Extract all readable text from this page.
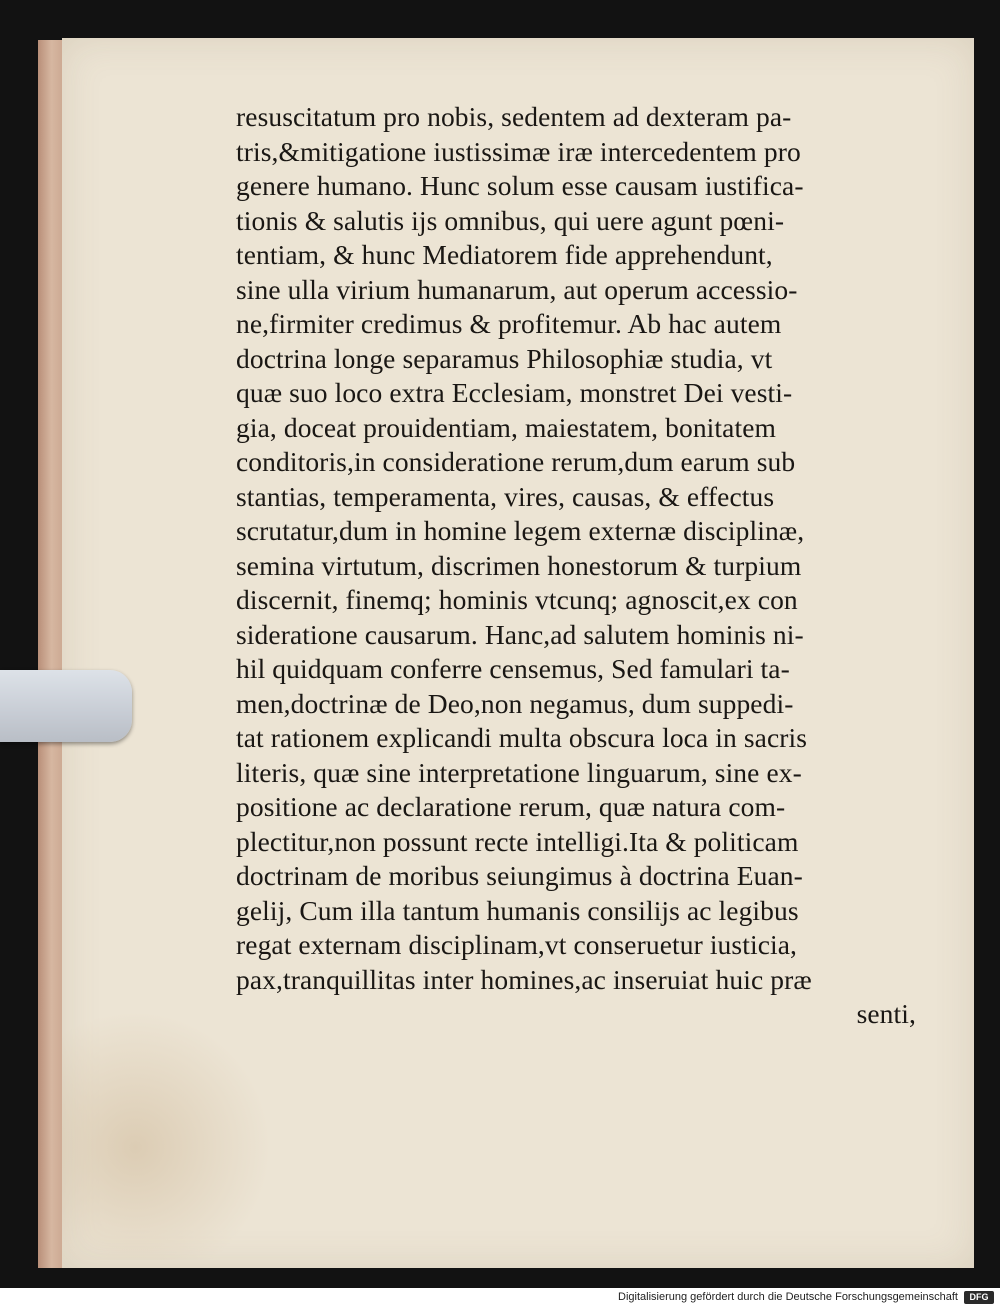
resuscitatum pro nobis, sedentem ad dexteram pa-
tris,&mitigatione iustissimæ iræ intercedentem pro
genere humano. Hunc solum esse causam iustifica-
tionis & salutis ijs omnibus, qui uere agunt pœni-
tentiam, & hunc Mediatorem fide apprehendunt,
sine ulla virium humanarum, aut operum accessio-
ne,firmiter credimus & profitemur. Ab hac autem
doctrina longe separamus Philosophiæ studia, vt
quæ suo loco extra Ecclesiam, monstret Dei vesti-
gia, doceat prouidentiam, maiestatem, bonitatem
conditoris,in consideratione rerum,dum earum sub
stantias, temperamenta, vires, causas, & effectus
scrutatur,dum in homine legem externæ disciplinæ,
semina virtutum, discrimen honestorum & turpium
discernit, finemq; hominis vtcunq; agnoscit,ex con
sideratione causarum. Hanc,ad salutem hominis ni-
hil quidquam conferre censemus, Sed famulari ta-
men,doctrinæ de Deo,non negamus, dum suppedi-
tat rationem explicandi multa obscura loca in sacris
literis, quæ sine interpretatione linguarum, sine ex-
positione ac declaratione rerum, quæ natura com-
plectitur,non possunt recte intelligi.Ita & politicam
doctrinam de moribus seiungimus à doctrina Euan-
gelij, Cum illa tantum humanis consilijs ac legibus
regat externam disciplinam,vt conseruetur iusticia,
pax,tranquillitas inter homines,ac inseruiat huic præ
senti,
Digitalisierung gefördert durch die Deutsche Forschungsgemeinschaft	DFG
